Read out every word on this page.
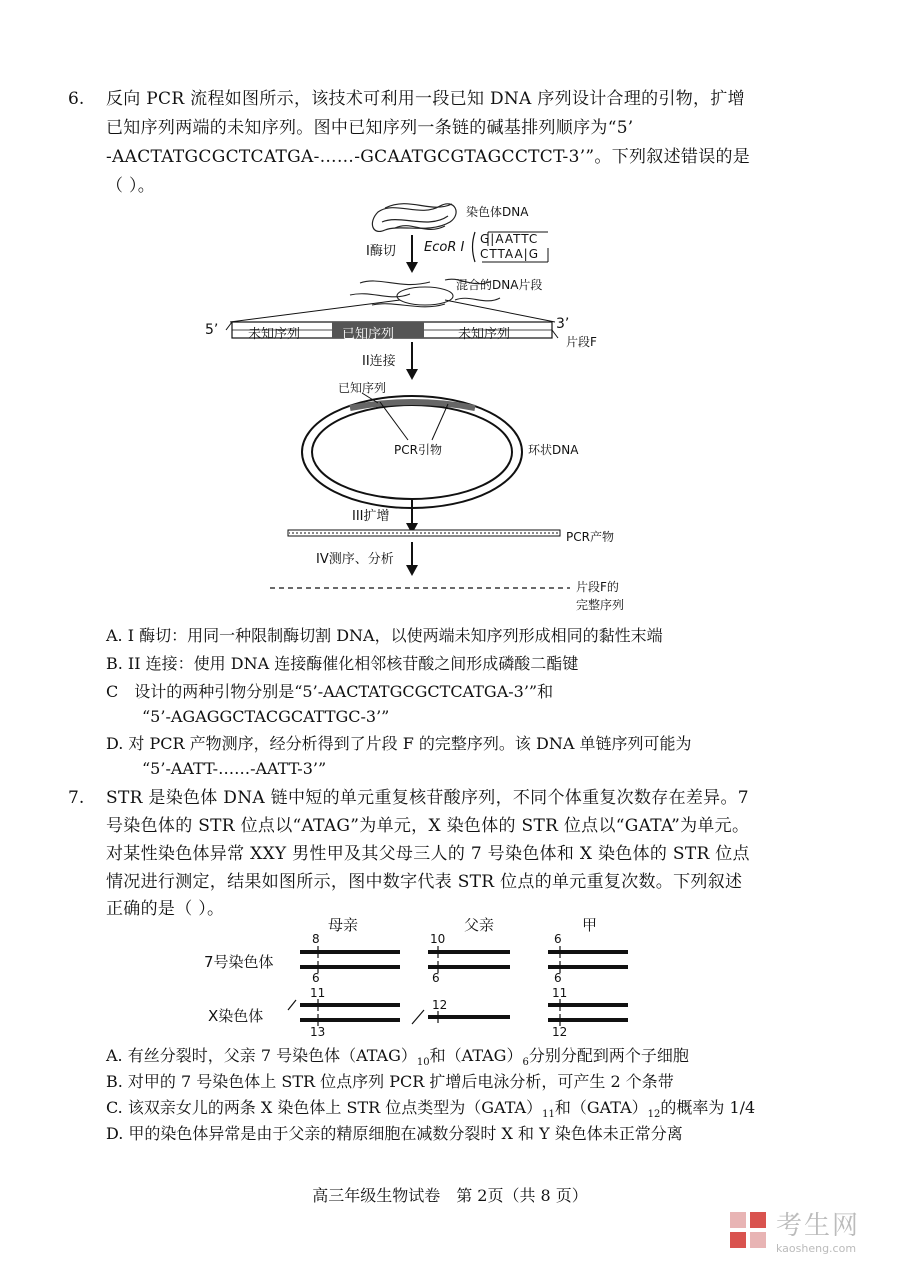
6. 反向 PCR 流程如图所示，该技术可利用一段已知 DNA 序列设计合理的引物，扩增
已知序列两端的未知序列。图中已知序列一条链的碱基排列顺序为“5’
-AACTATGCGCTCATGA-……-GCAATGCGTAGCCTCT-3’”。下列叙述错误的是
（ ）。
染色体DNA
I酶切 EcoR I
G|AATTC
CTTAA|G
混合的DNA片段
5’	3’
未知序列	已知序列	未知序列	片段F
II连接
已知序列
PCR引物	环状DNA
III扩增
PCR产物
IV测序、分析
片段F的
完整序列
A. I 酶切：用同一种限制酶切割 DNA，以使两端未知序列形成相同的黏性末端
B. II 连接：使用 DNA 连接酶催化相邻核苷酸之间形成磷酸二酯键
C　设计的两种引物分别是“5’-AACTATGCGCTCATGA-3’”和
“5’-AGAGGCTACGCATTGC-3’”
D. 对 PCR 产物测序，经分析得到了片段 F 的完整序列。该 DNA 单链序列可能为
“5’-AATT-……-AATT-3’”
7. STR 是染色体 DNA 链中短的单元重复核苷酸序列，不同个体重复次数存在差异。7
号染色体的 STR 位点以“ATAG”为单元，X 染色体的 STR 位点以“GATA”为单元。
对某性染色体异常 XXY 男性甲及其父母三人的 7 号染色体和 X 染色体的 STR 位点
情况进行测定，结果如图所示，图中数字代表 STR 位点的单元重复次数。下列叙述
正确的是（ ）。
母亲	父亲	甲
7号染色体
X染色体
8
6
10
6
6
6
11
13
12
11
12
A. 有丝分裂时，父亲 7 号染色体$(ATAG)_{10}$和$(ATAG)_6$分别分配到两个子细胞
B. 对甲的 7 号染色体上 STR 位点序列 PCR 扩增后电泳分析，可产生 2 个条带
C. 该双亲女儿的两条 X 染色体上 STR 位点类型为$(GATA)_{11}$和$(GATA)_{12}$的概率为 1/4
D. 甲的染色体异常是由于父亲的精原细胞在减数分裂时 X 和 Y 染色体未正常分离
高三年级生物试卷　第 2页（共 8 页）
考生网
kaosheng.com
